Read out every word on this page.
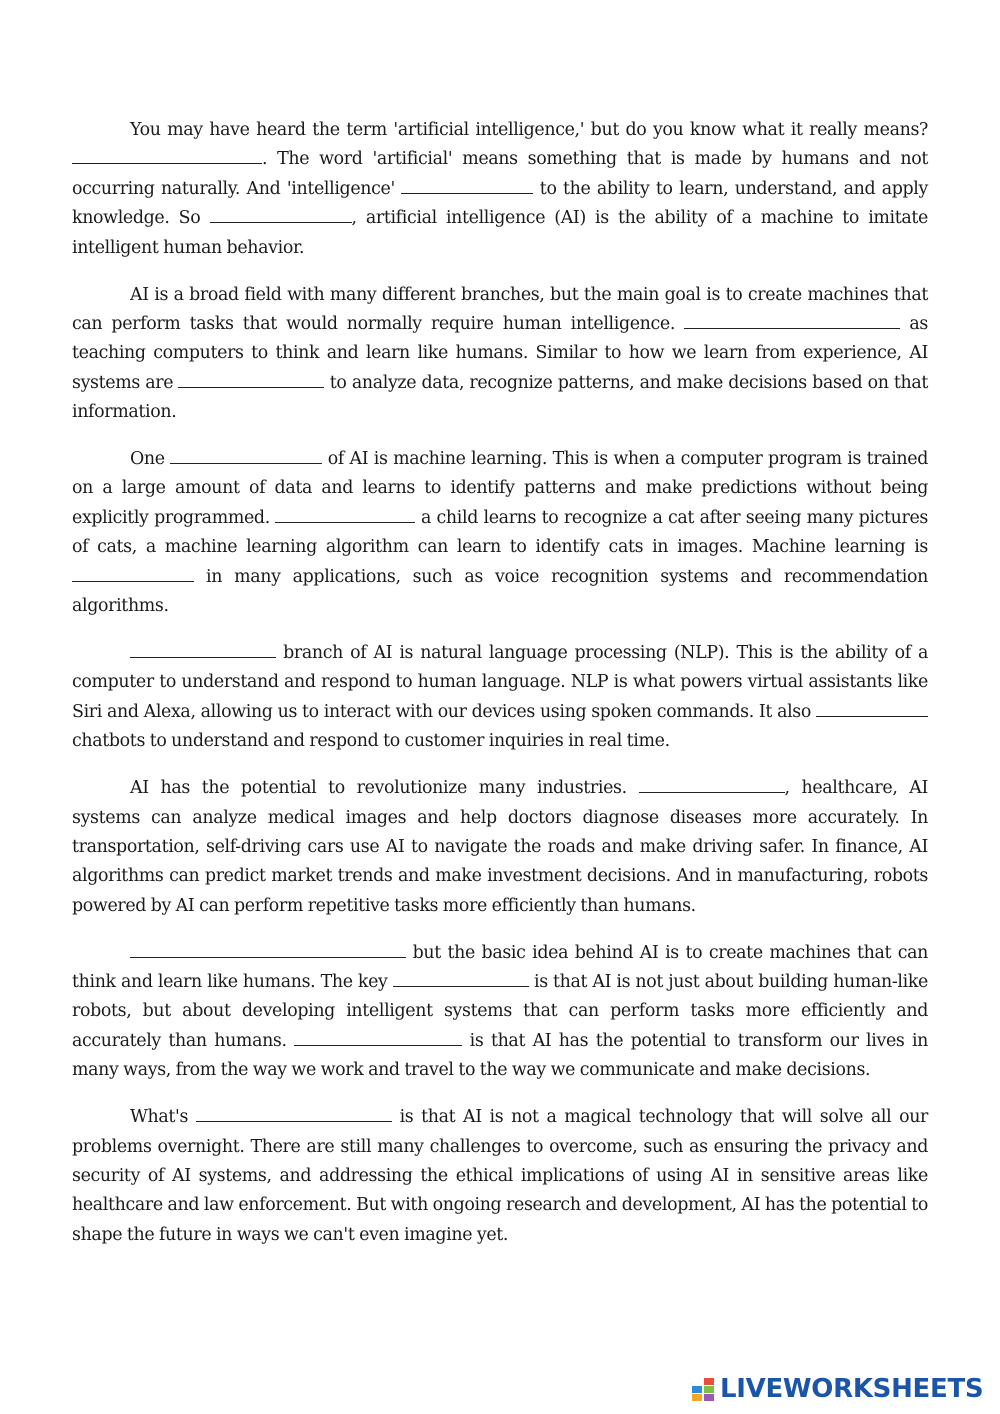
You may have heard the term 'artificial intelligence,' but do you know what it really means? . The word 'artificial' means something that is made by humans and not occurring naturally. And 'intelligence'	to the ability to learn, understand, and apply knowledge. So	, artificial intelligence (AI) is the ability of a machine to imitate intelligent human behavior.

AI is a broad field with many different branches, but the main goal is to create machines that can perform tasks that would normally require human intelligence.	as teaching computers to think and learn like humans. Similar to how we learn from experience, AI systems are	to analyze data, recognize patterns, and make decisions based on that information.

One	of AI is machine learning. This is when a computer program is trained on a large amount of data and learns to identify patterns and make predictions without being explicitly programmed.	a child learns to recognize a cat after seeing many pictures of cats, a machine learning algorithm can learn to identify cats in images. Machine learning is  in many applications, such as voice recognition systems and recommendation algorithms.

branch of AI is natural language processing (NLP). This is the ability of a computer to understand and respond to human language. NLP is what powers virtual assistants like Siri and Alexa, allowing us to interact with our devices using spoken commands. It also  chatbots to understand and respond to customer inquiries in real time.

AI has the potential to revolutionize many industries.	, healthcare, AI systems can analyze medical images and help doctors diagnose diseases more accurately. In transportation, self-driving cars use AI to navigate the roads and make driving safer. In finance, AI algorithms can predict market trends and make investment decisions. And in manufacturing, robots powered by AI can perform repetitive tasks more efficiently than humans.

but the basic idea behind AI is to create machines that can think and learn like humans. The key	is that AI is not just about building human-like robots, but about developing intelligent systems that can perform tasks more efficiently and accurately than humans.	is that AI has the potential to transform our lives in many ways, from the way we work and travel to the way we communicate and make decisions.

What's	is that AI is not a magical technology that will solve all our problems overnight. There are still many challenges to overcome, such as ensuring the privacy and security of AI systems, and addressing the ethical implications of using AI in sensitive areas like healthcare and law enforcement. But with ongoing research and development, AI has the potential to shape the future in ways we can't even imagine yet.

LIVEWORKSHEETS
